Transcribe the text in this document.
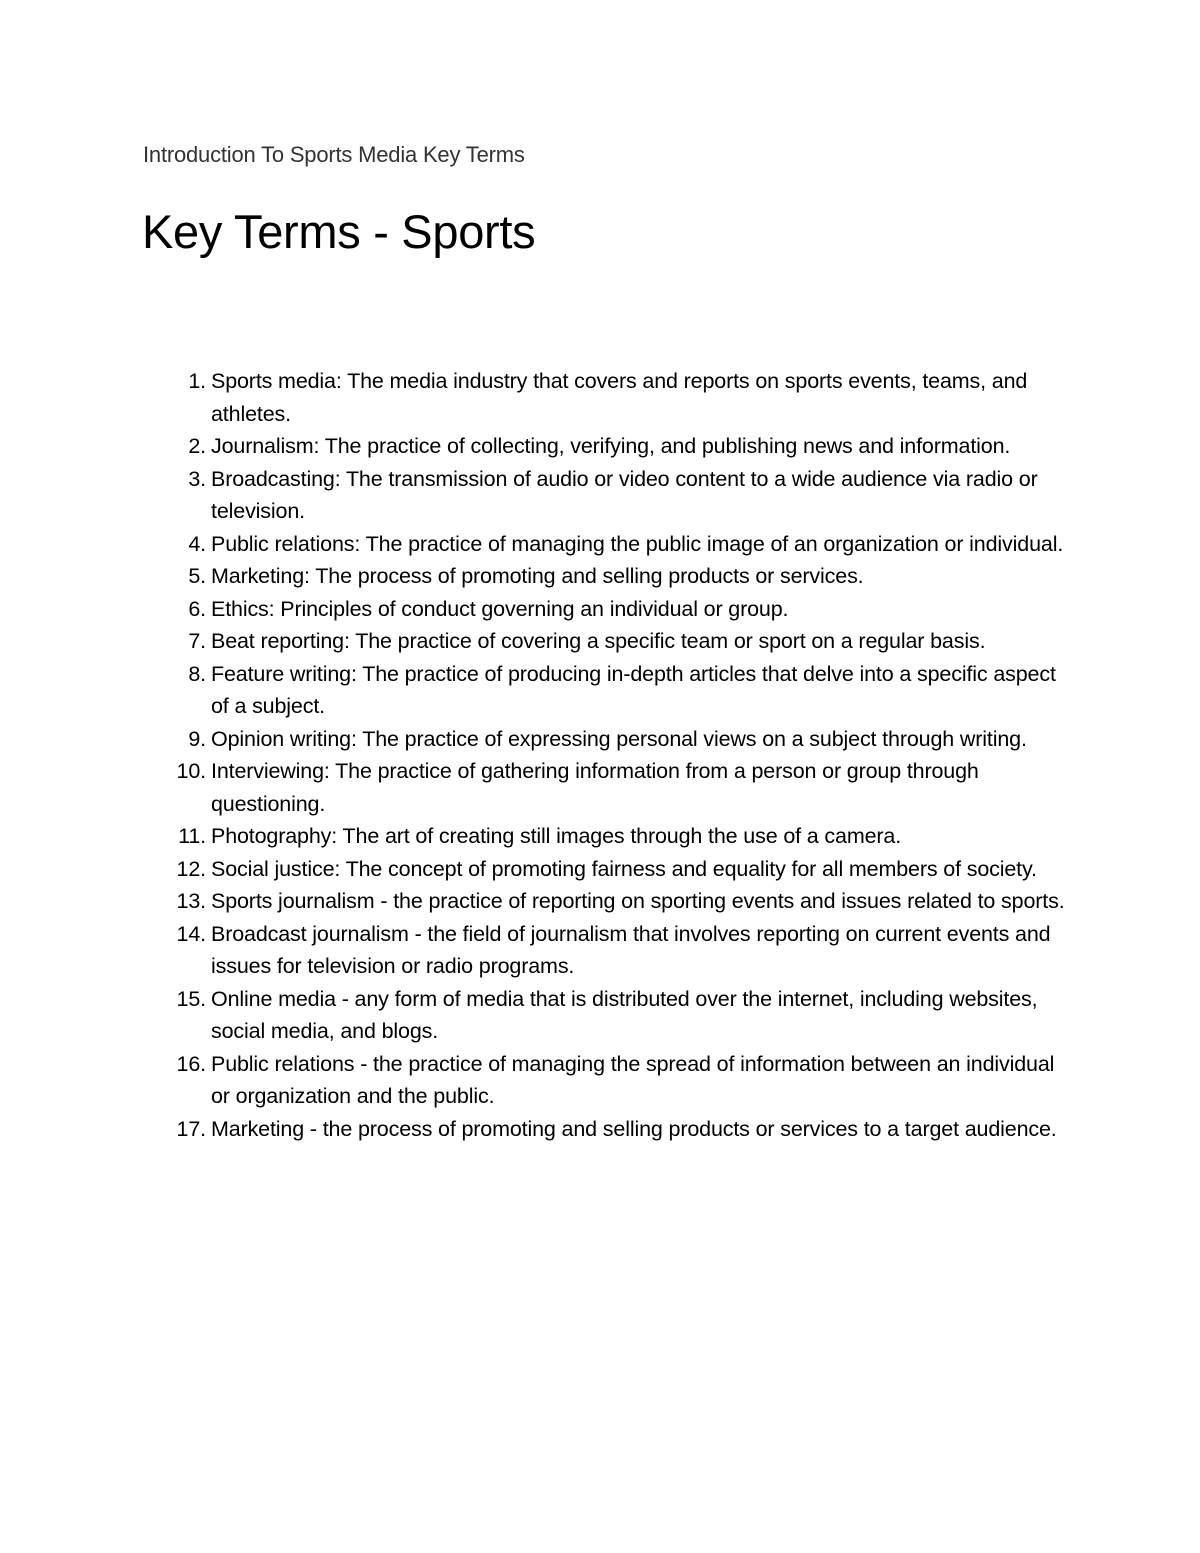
Introduction To Sports Media Key Terms
Key Terms - Sports
1. Sports media: The media industry that covers and reports on sports events, teams, and athletes.
2. Journalism: The practice of collecting, verifying, and publishing news and information.
3. Broadcasting: The transmission of audio or video content to a wide audience via radio or television.
4. Public relations: The practice of managing the public image of an organization or individual.
5. Marketing: The process of promoting and selling products or services.
6. Ethics: Principles of conduct governing an individual or group.
7. Beat reporting: The practice of covering a specific team or sport on a regular basis.
8. Feature writing: The practice of producing in-depth articles that delve into a specific aspect of a subject.
9. Opinion writing: The practice of expressing personal views on a subject through writing.
10. Interviewing: The practice of gathering information from a person or group through questioning.
11. Photography: The art of creating still images through the use of a camera.
12. Social justice: The concept of promoting fairness and equality for all members of society.
13. Sports journalism - the practice of reporting on sporting events and issues related to sports.
14. Broadcast journalism - the field of journalism that involves reporting on current events and issues for television or radio programs.
15. Online media - any form of media that is distributed over the internet, including websites, social media, and blogs.
16. Public relations - the practice of managing the spread of information between an individual or organization and the public.
17. Marketing - the process of promoting and selling products or services to a target audience.
